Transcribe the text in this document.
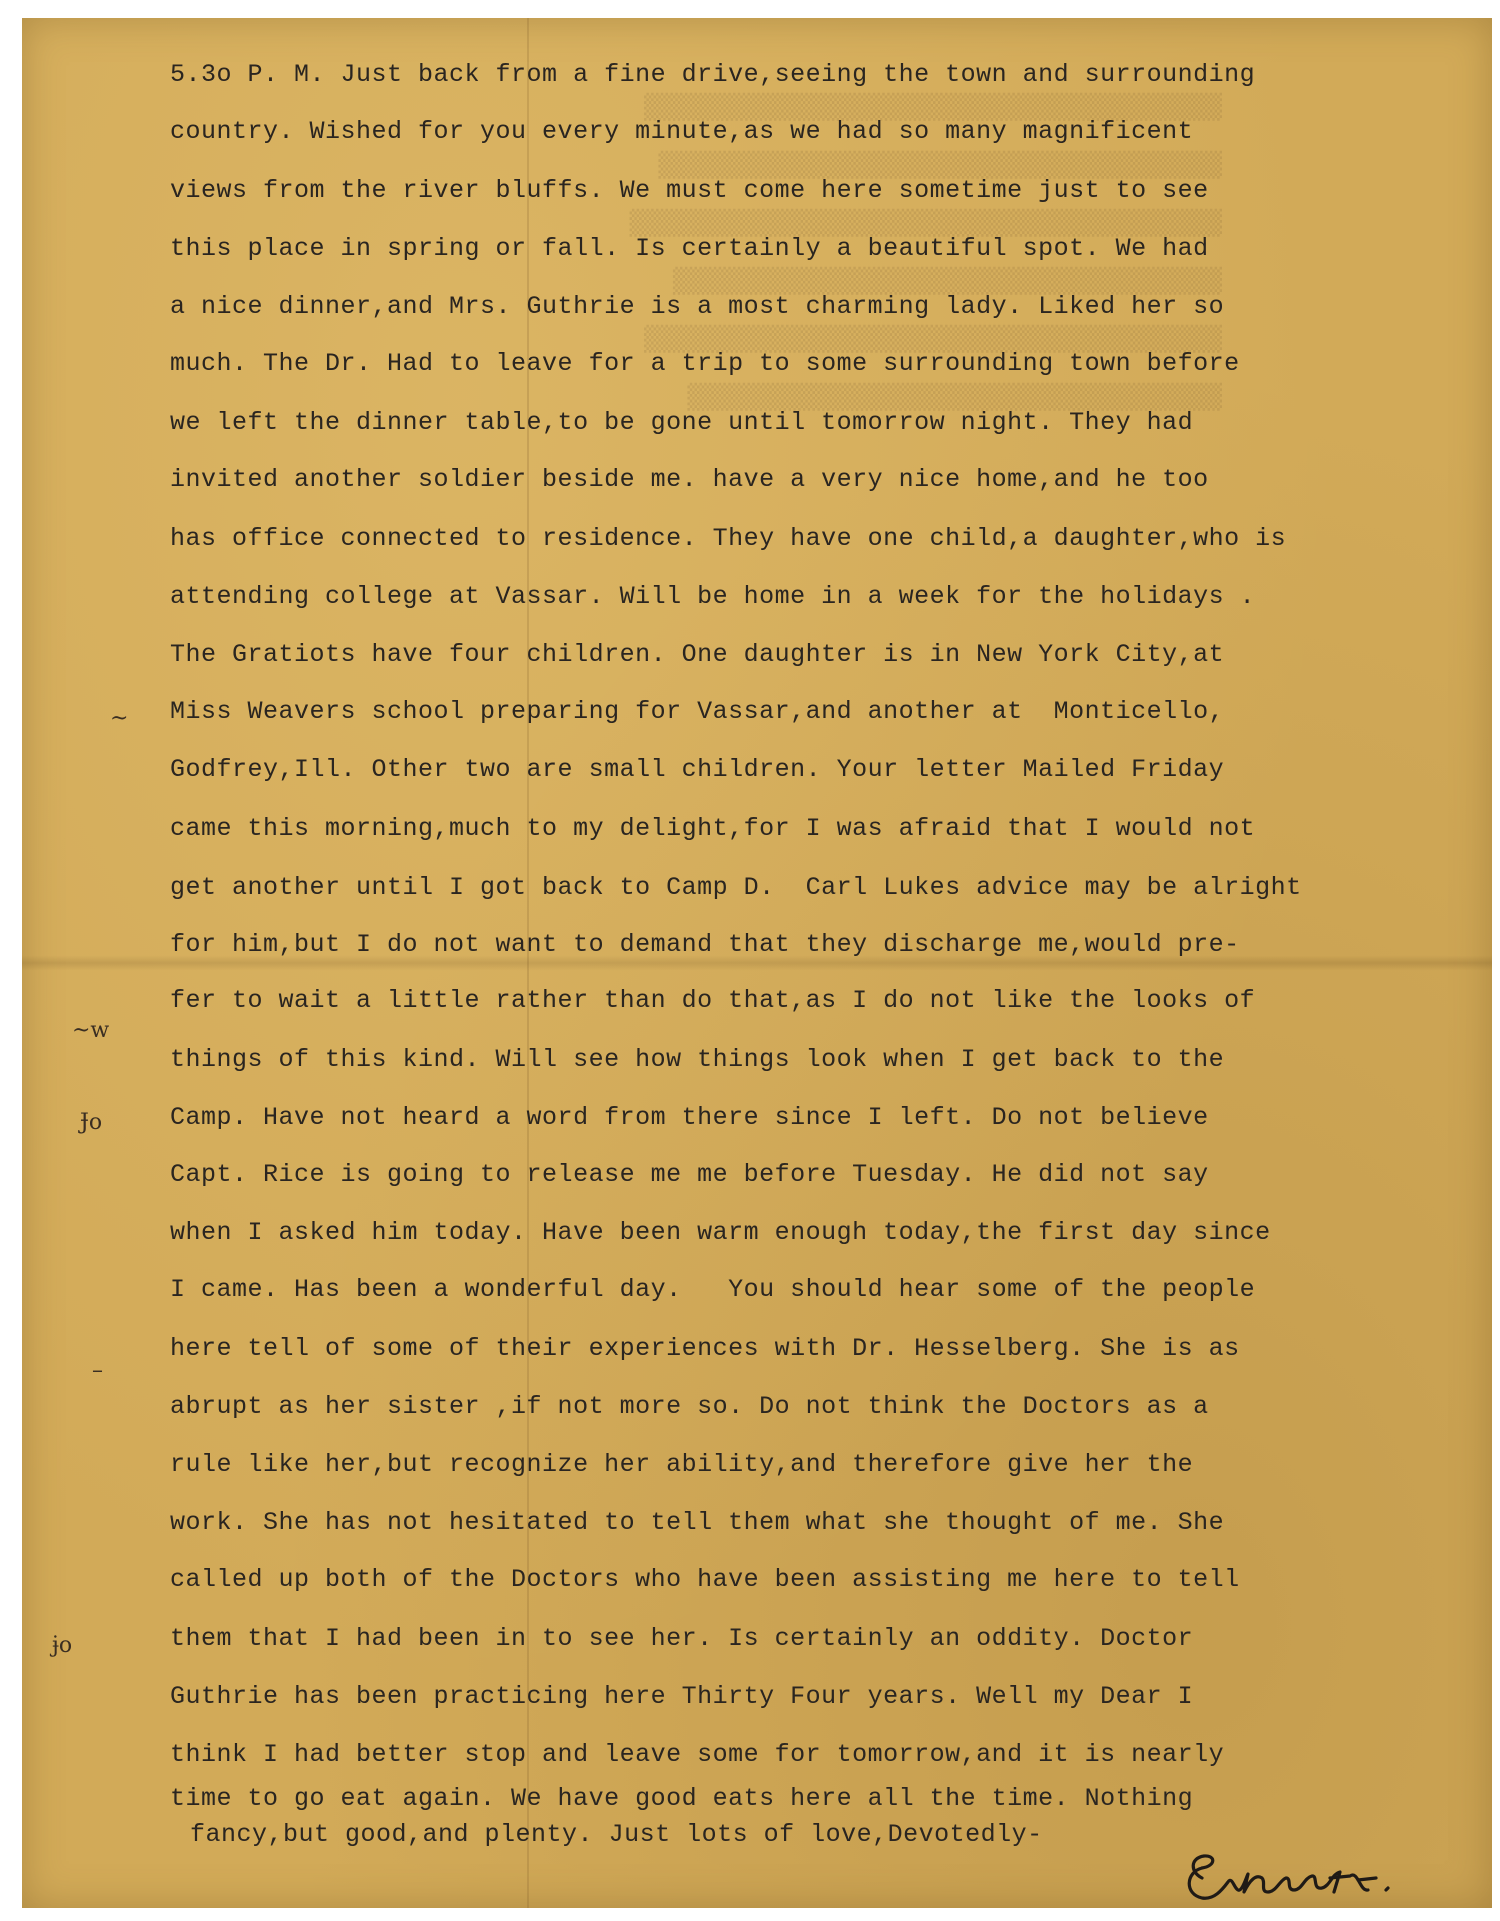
▒▒▒▒▒▒▒▒▒▒▒▒▒▒▒▒▒▒▒▒▒▒▒▒▒▒▒▒▒▒▒▒▒▒▒▒▒▒▒▒
▒▒▒▒▒▒▒▒▒▒▒▒▒▒▒▒▒▒▒▒▒▒▒▒▒▒▒▒▒▒▒▒▒▒▒▒▒▒▒
▒▒▒▒▒▒▒▒▒▒▒▒▒▒▒▒▒▒▒▒▒▒▒▒▒▒▒▒▒▒▒▒▒▒▒▒▒▒▒▒▒
▒▒▒▒▒▒▒▒▒▒▒▒▒▒▒▒▒▒▒▒▒▒▒▒▒▒▒▒▒▒▒▒▒▒▒▒▒▒
▒▒▒▒▒▒▒▒▒▒▒▒▒▒▒▒▒▒▒▒▒▒▒▒▒▒▒▒▒▒▒▒▒▒▒▒▒▒▒▒
▒▒▒▒▒▒▒▒▒▒▒▒▒▒▒▒▒▒▒▒▒▒▒▒▒▒▒▒▒▒▒▒▒▒▒▒▒
5.3o P. M. Just back from a fine drive,seeing the town and surrounding
country. Wished for you every minute,as we had so many magnificent
views from the river bluffs. We must come here sometime just to see
this place in spring or fall. Is certainly a beautiful spot. We had
a nice dinner,and Mrs. Guthrie is a most charming lady. Liked her so
much. The Dr. Had to leave for a trip to some surrounding town before
we left the dinner table,to be gone until tomorrow night. They had
invited another soldier beside me. have a very nice home,and he too
has office connected to residence. They have one child,a daughter,who is
attending college at Vassar. Will be home in a week for the holidays .
The Gratiots have four children. One daughter is in New York City,at
Miss Weavers school preparing for Vassar,and another at  Monticello,
Godfrey,Ill. Other two are small children. Your letter Mailed Friday
came this morning,much to my delight,for I was afraid that I would not
get another until I got back to Camp D.  Carl Lukes advice may be alright
for him,but I do not want to demand that they discharge me,would pre-
fer to wait a little rather than do that,as I do not like the looks of
things of this kind. Will see how things look when I get back to the
Camp. Have not heard a word from there since I left. Do not believe
Capt. Rice is going to release me me before Tuesday. He did not say
when I asked him today. Have been warm enough today,the first day since
I came. Has been a wonderful day.   You should hear some of the people
here tell of some of their experiences with Dr. Hesselberg. She is as
abrupt as her sister ,if not more so. Do not think the Doctors as a
rule like her,but recognize her ability,and therefore give her the
work. She has not hesitated to tell them what she thought of me. She
called up both of the Doctors who have been assisting me here to tell
them that I had been in to see her. Is certainly an oddity. Doctor
Guthrie has been practicing here Thirty Four years. Well my Dear I
think I had better stop and leave some for tomorrow,and it is nearly
time to go eat again. We have good eats here all the time. Nothing
fancy,but good,and plenty. Just lots of love,Devotedly-
~
~w
Ɉo
–
ɉo
